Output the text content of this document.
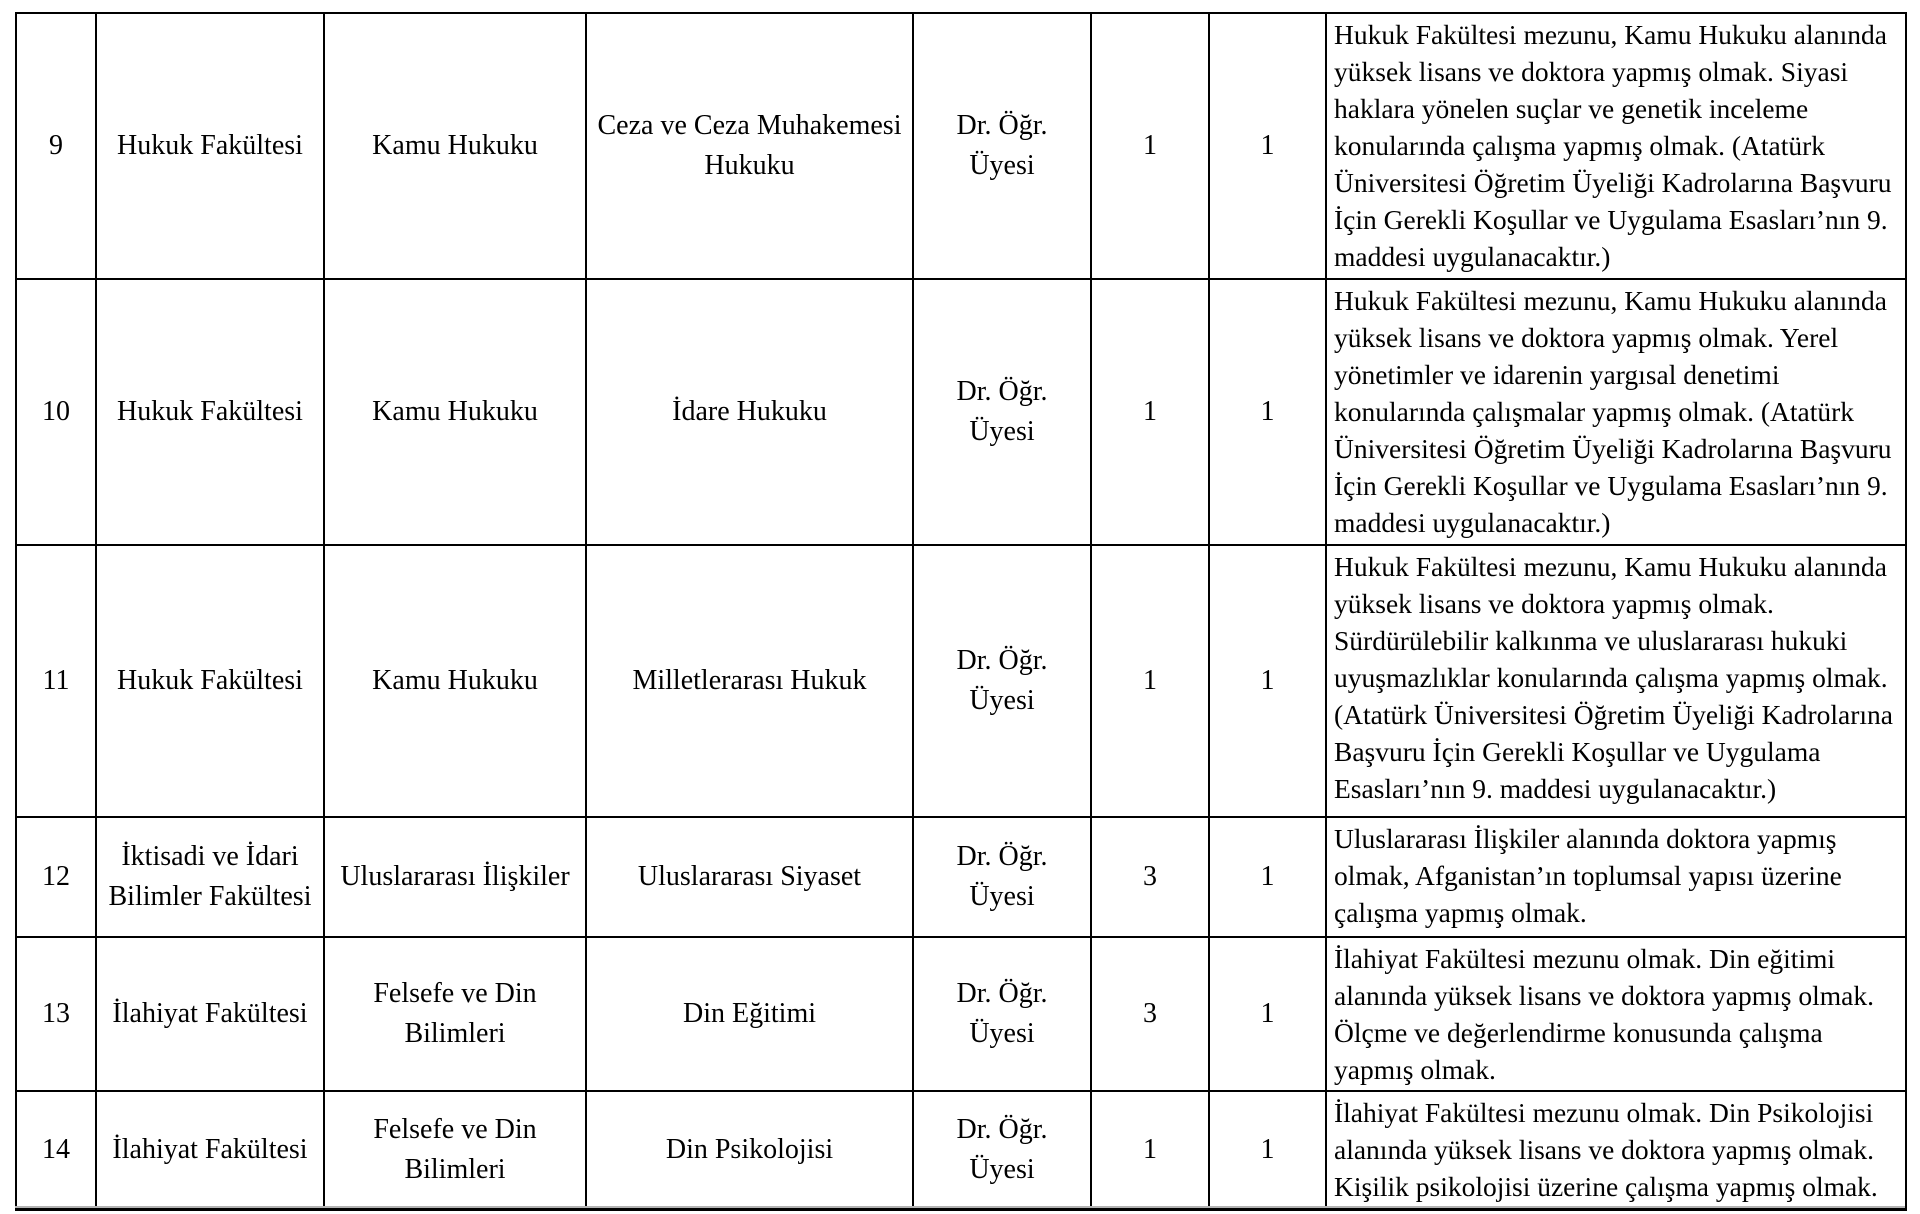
9	Hukuk Fakültesi	Kamu Hukuku	Ceza ve Ceza Muhakemesi Hukuku	Dr. Öğr. Üyesi	1	1	Hukuk Fakültesi mezunu, Kamu Hukuku alanında yüksek lisans ve doktora yapmış olmak. Siyasi haklara yönelen suçlar ve genetik inceleme konularında çalışma yapmış olmak. (Atatürk Üniversitesi Öğretim Üyeliği Kadrolarına Başvuru İçin Gerekli Koşullar ve Uygulama Esasları’nın 9. maddesi uygulanacaktır.)
10	Hukuk Fakültesi	Kamu Hukuku	İdare Hukuku	Dr. Öğr. Üyesi	1	1	Hukuk Fakültesi mezunu, Kamu Hukuku alanında yüksek lisans ve doktora yapmış olmak. Yerel yönetimler ve idarenin yargısal denetimi konularında çalışmalar yapmış olmak. (Atatürk Üniversitesi Öğretim Üyeliği Kadrolarına Başvuru İçin Gerekli Koşullar ve Uygulama Esasları’nın 9. maddesi uygulanacaktır.)
11	Hukuk Fakültesi	Kamu Hukuku	Milletlerarası Hukuk	Dr. Öğr. Üyesi	1	1	Hukuk Fakültesi mezunu, Kamu Hukuku alanında yüksek lisans ve doktora yapmış olmak. Sürdürülebilir kalkınma ve uluslararası hukuki uyuşmazlıklar konularında çalışma yapmış olmak. (Atatürk Üniversitesi Öğretim Üyeliği Kadrolarına Başvuru İçin Gerekli Koşullar ve Uygulama Esasları’nın 9. maddesi uygulanacaktır.)
12	İktisadi ve İdari Bilimler Fakültesi	Uluslararası İlişkiler	Uluslararası Siyaset	Dr. Öğr. Üyesi	3	1	Uluslararası İlişkiler alanında doktora yapmış olmak, Afganistan’ın toplumsal yapısı üzerine çalışma yapmış olmak.
13	İlahiyat Fakültesi	Felsefe ve Din Bilimleri	Din Eğitimi	Dr. Öğr. Üyesi	3	1	İlahiyat Fakültesi mezunu olmak. Din eğitimi alanında yüksek lisans ve doktora yapmış olmak. Ölçme ve değerlendirme konusunda çalışma yapmış olmak.
14	İlahiyat Fakültesi	Felsefe ve Din Bilimleri	Din Psikolojisi	Dr. Öğr. Üyesi	1	1	İlahiyat Fakültesi mezunu olmak. Din Psikolojisi alanında yüksek lisans ve doktora yapmış olmak. Kişilik psikolojisi üzerine çalışma yapmış olmak.
